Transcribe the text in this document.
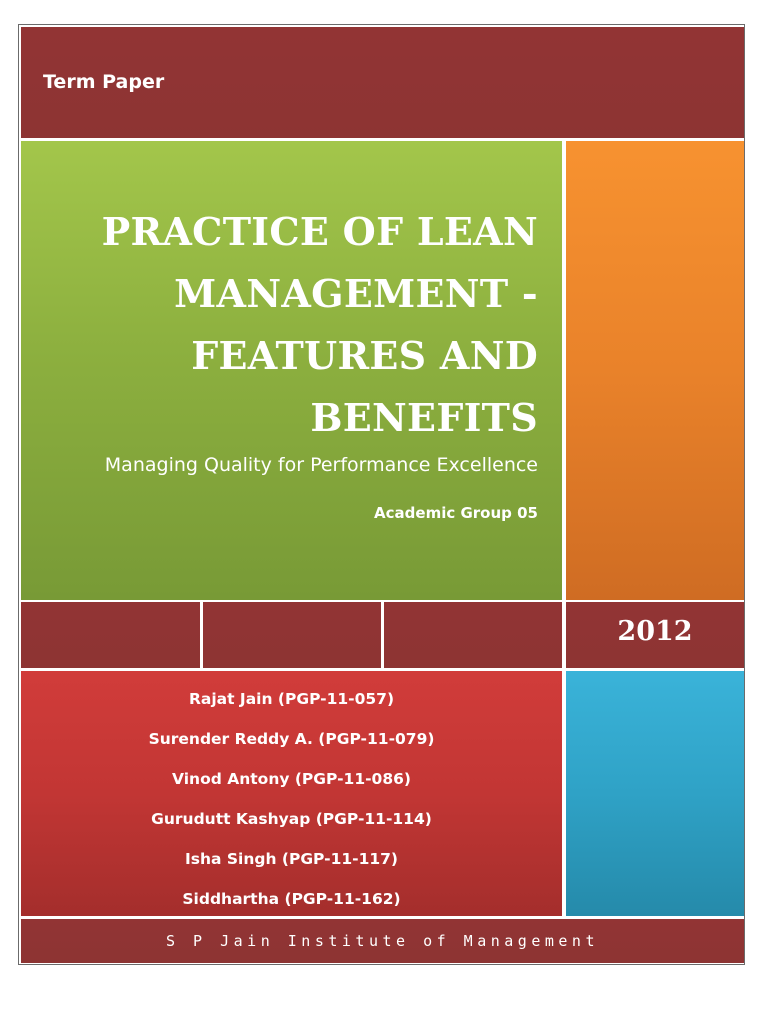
Term Paper
PRACTICE OF LEAN
MANAGEMENT -
FEATURES AND
BENEFITS
Managing Quality for Performance Excellence
Academic Group 05
2012
Rajat Jain (PGP-11-057)
Surender Reddy A. (PGP-11-079)
Vinod Antony (PGP-11-086)
Gurudutt Kashyap (PGP-11-114)
Isha Singh (PGP-11-117)
Siddhartha (PGP-11-162)
S P Jain Institute of Management
